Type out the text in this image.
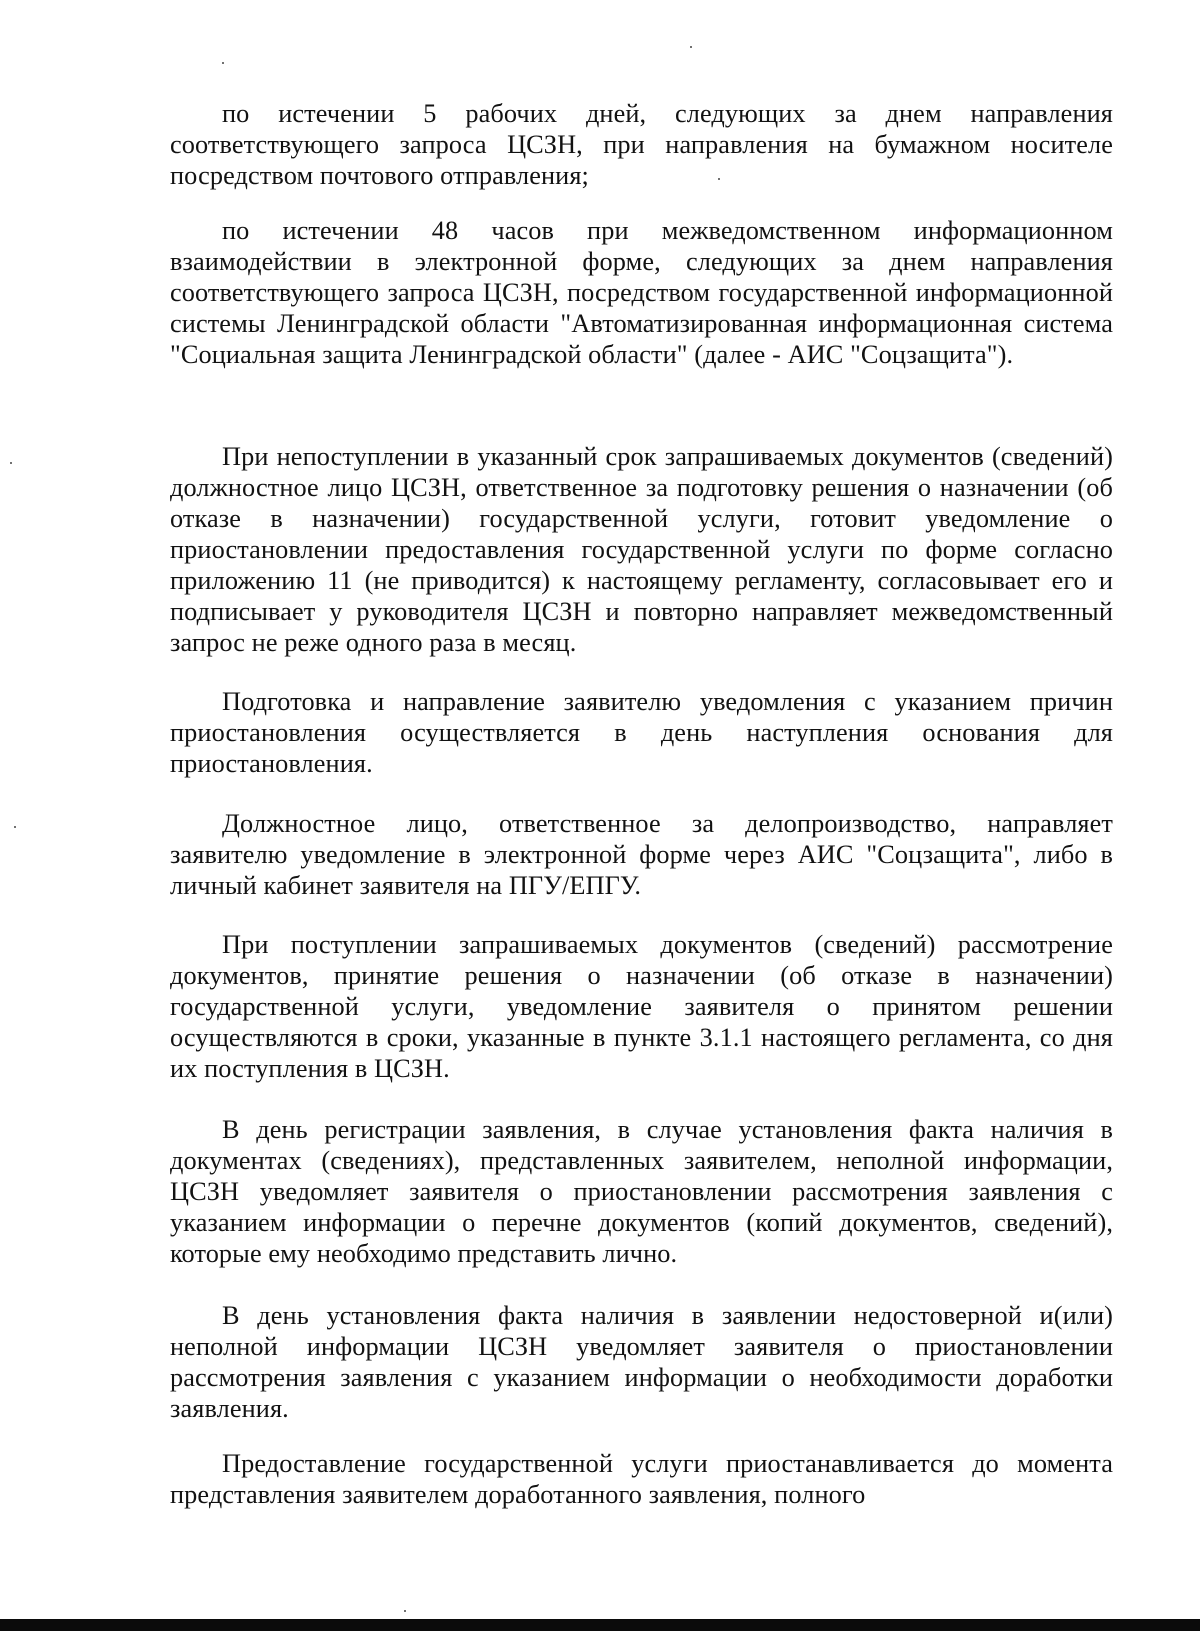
по истечении 5 рабочих дней, следующих за днем направления соответствующего запроса ЦСЗН, при направления на бумажном носителе посредством почтового отправления;

по истечении 48 часов при межведомственном информационном взаимодействии в электронной форме, следующих за днем направления соответствующего запроса ЦСЗН, посредством государственной информационной системы Ленинградской области "Автоматизированная информационная система "Социальная защита Ленинградской области" (далее - АИС "Соцзащита").

При непоступлении в указанный срок запрашиваемых документов (сведений) должностное лицо ЦСЗН, ответственное за подготовку решения о назначении (об отказе в назначении) государственной услуги, готовит уведомление о приостановлении предоставления государственной услуги по форме согласно приложению 11 (не приводится) к настоящему регламенту, согласовывает его и подписывает у руководителя ЦСЗН и повторно направляет межведомственный запрос не реже одного раза в месяц.

Подготовка и направление заявителю уведомления с указанием причин приостановления осуществляется в день наступления основания для приостановления.

Должностное лицо, ответственное за делопроизводство, направляет заявителю уведомление в электронной форме через АИС "Соцзащита", либо в личный кабинет заявителя на ПГУ/ЕПГУ.

При поступлении запрашиваемых документов (сведений) рассмотрение документов, принятие решения о назначении (об отказе в назначении) государственной услуги, уведомление заявителя о принятом решении осуществляются в сроки, указанные в пункте 3.1.1 настоящего регламента, со дня их поступления в ЦСЗН.

В день регистрации заявления, в случае установления факта наличия в документах (сведениях), представленных заявителем, неполной информации, ЦСЗН уведомляет заявителя о приостановлении рассмотрения заявления с указанием информации о перечне документов (копий документов, сведений), которые ему необходимо представить лично.

В день установления факта наличия в заявлении недостоверной и(или) неполной информации ЦСЗН уведомляет заявителя о приостановлении рассмотрения заявления с указанием информации о необходимости доработки заявления.

Предоставление государственной услуги приостанавливается до момента представления заявителем доработанного заявления, полного
